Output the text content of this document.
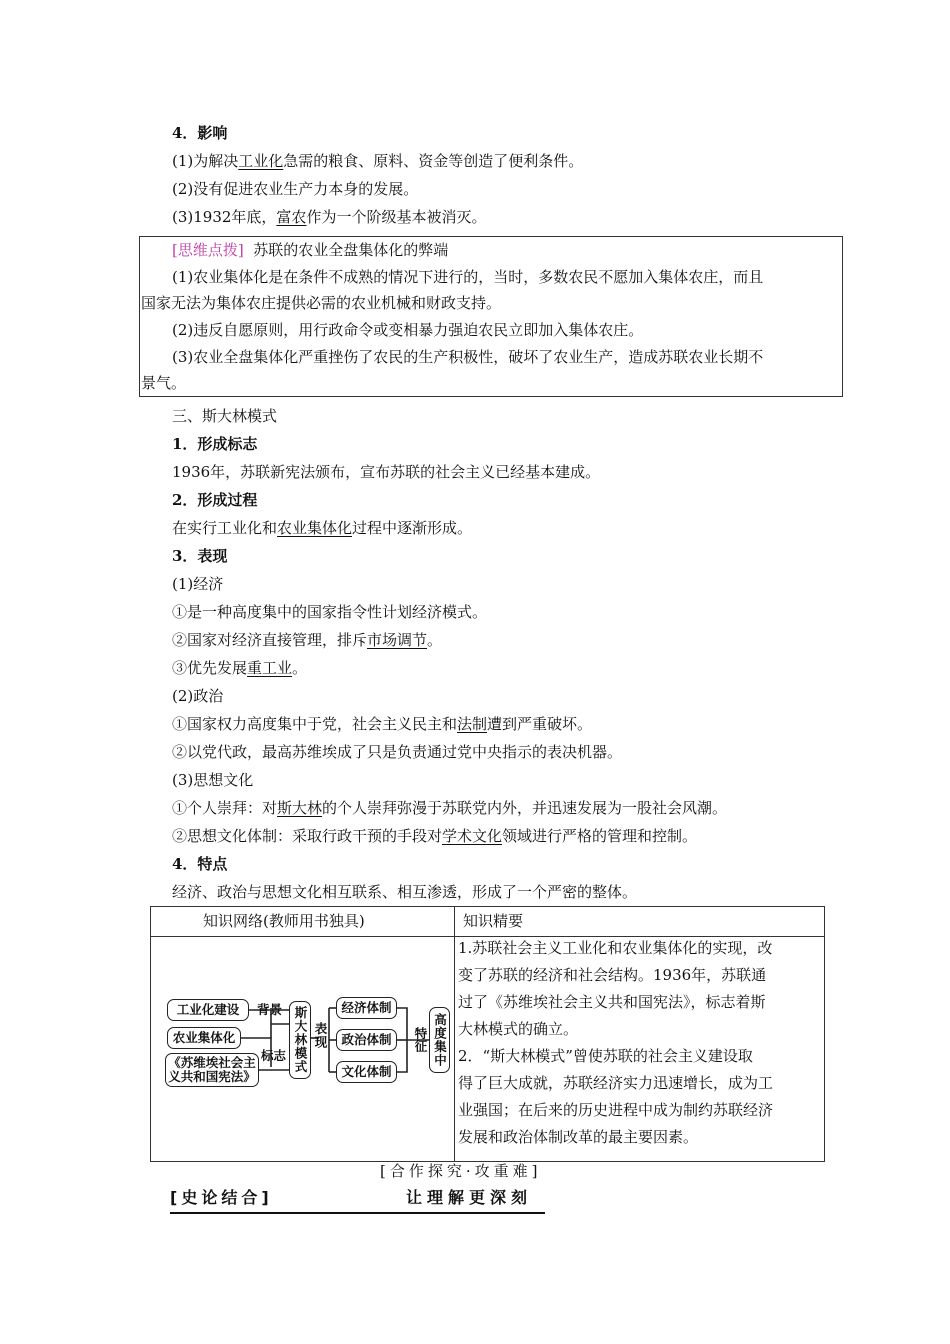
4．影响
(1)为解决工业化急需的粮食、原料、资金等创造了便利条件。
(2)没有促进农业生产力本身的发展。
(3)1932年底，富农作为一个阶级基本被消灭。
[思维点拨] 苏联的农业全盘集体化的弊端
(1)农业集体化是在条件不成熟的情况下进行的，当时，多数农民不愿加入集体农庄，而且
国家无法为集体农庄提供必需的农业机械和财政支持。
(2)违反自愿原则，用行政命令或变相暴力强迫农民立即加入集体农庄。
(3)农业全盘集体化严重挫伤了农民的生产积极性，破坏了农业生产，造成苏联农业长期不
景气。
三、斯大林模式
1．形成标志
1936年，苏联新宪法颁布，宣布苏联的社会主义已经基本建成。
2．形成过程
在实行工业化和农业集体化过程中逐渐形成。
3．表现
(1)经济
①是一种高度集中的国家指令性计划经济模式。
②国家对经济直接管理，排斥市场调节。
③优先发展重工业。
(2)政治
①国家权力高度集中于党，社会主义民主和法制遭到严重破坏。
②以党代政，最高苏维埃成了只是负责通过党中央指示的表决机器。
(3)思想文化
①个人崇拜：对斯大林的个人崇拜弥漫于苏联党内外，并迅速发展为一股社会风潮。
②思想文化体制：采取行政干预的手段对学术文化领域进行严格的管理和控制。
4．特点
经济、政治与思想文化相互联系、相互渗透，形成了一个严密的整体。
知识网络(教师用书独具)	知识精要
工业化建设
农业集体化
《苏维埃社会主
义共和国宪法》
背景
标志 斯大林模式 表现
经济体制
政治体制
文化体制
特征 高度集中
1.苏联社会主义工业化和农业集体化的实现，改
变了苏联的经济和社会结构。1936年，苏联通
过了《苏维埃社会主义共和国宪法》，标志着斯
大林模式的确立。
2．“斯大林模式”曾使苏联的社会主义建设取
得了巨大成就，苏联经济实力迅速增长，成为工
业强国；在后来的历史进程中成为制约苏联经济
发展和政治体制改革的最主要因素。
[合作探究·攻重难]
[史论结合]	让理解更深刻
